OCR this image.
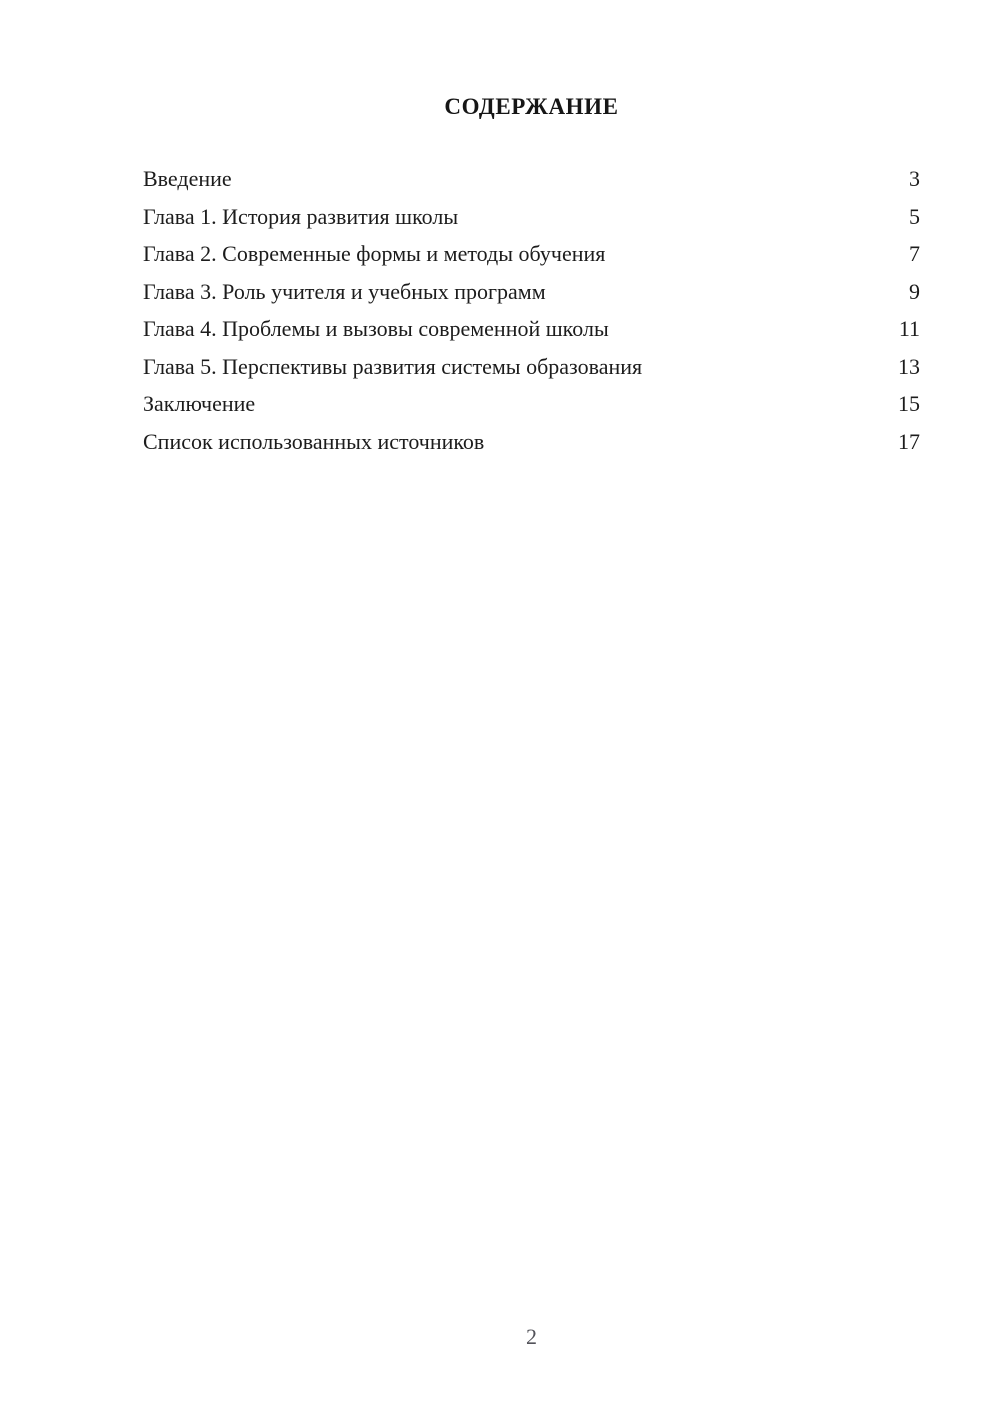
СОДЕРЖАНИЕ
Введение	3
Глава 1. История развития школы	5
Глава 2. Современные формы и методы обучения	7
Глава 3. Роль учителя и учебных программ	9
Глава 4. Проблемы и вызовы современной школы	11
Глава 5. Перспективы развития системы образования	13
Заключение	15
Список использованных источников	17
2
